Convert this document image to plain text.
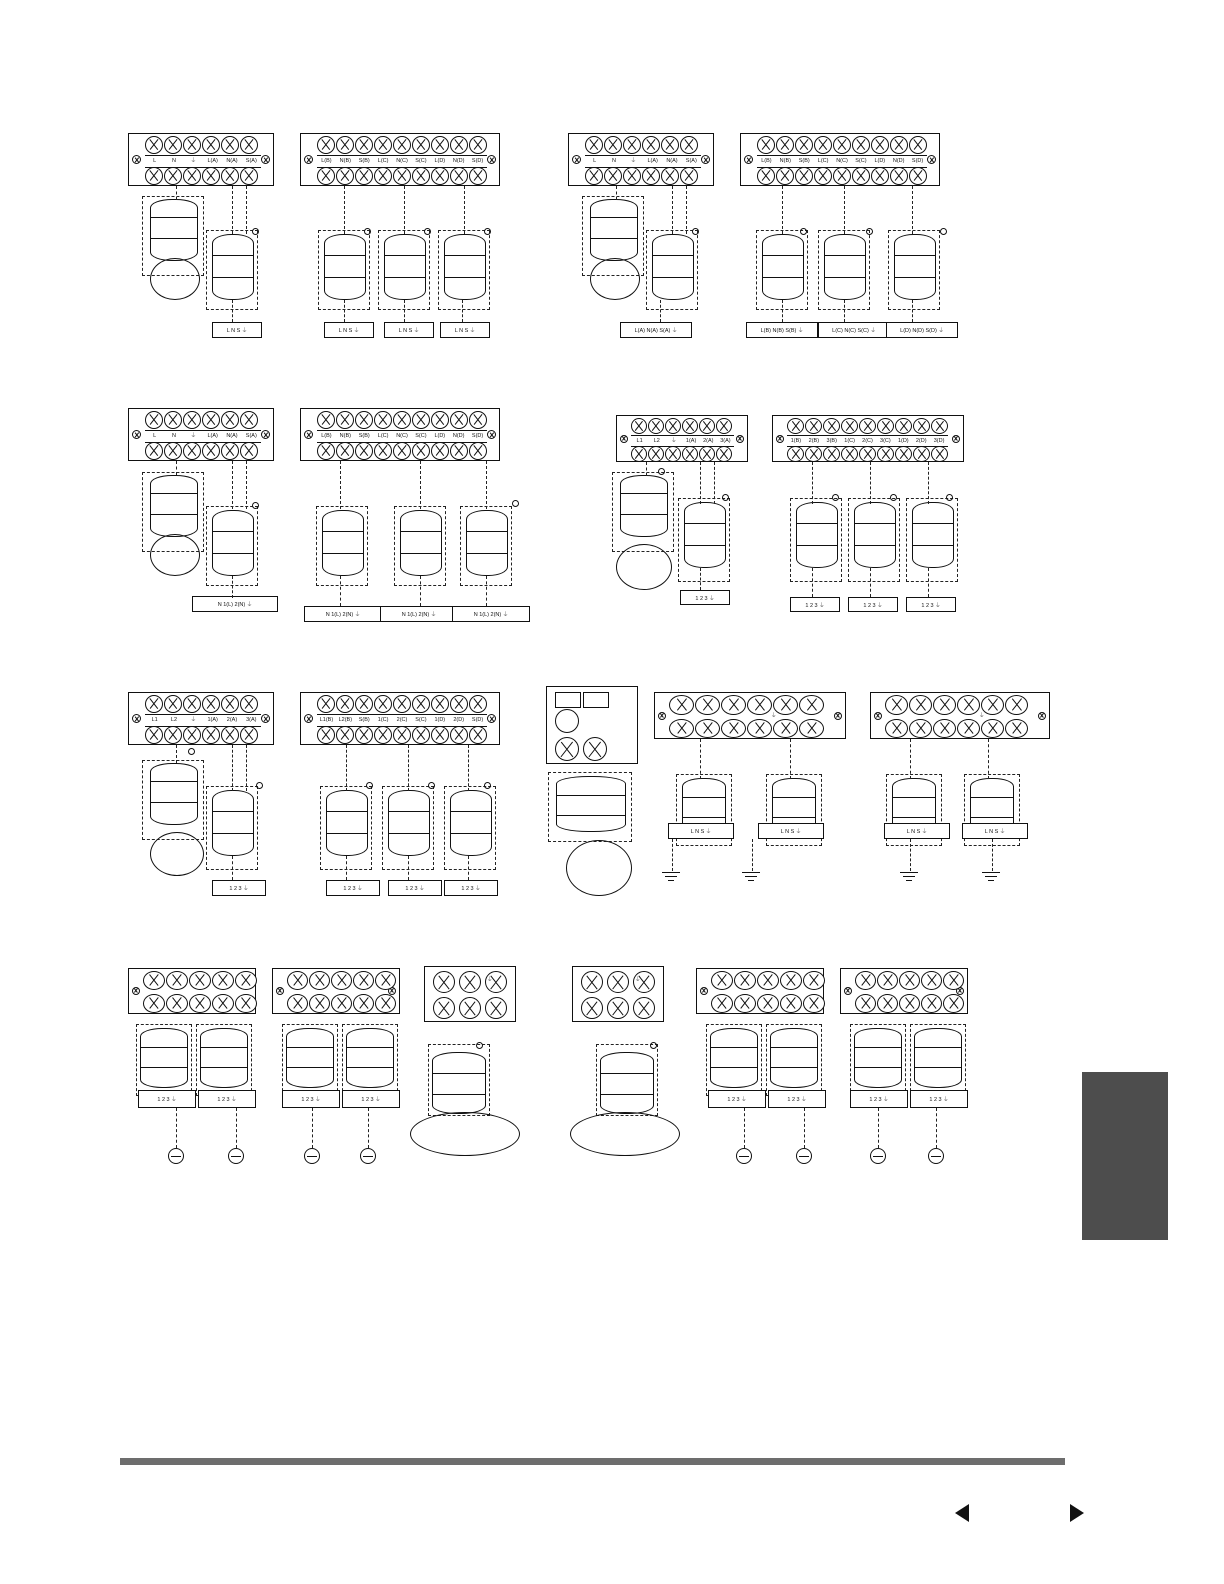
L	N	⏚	L(A)	N(A)	S(A)	L(B)	N(B)	S(B)	L(C)	N(C)	S(C)	L(D)	N(D)	S(D)
L N S ⏚	L N S ⏚	L N S ⏚	L N S ⏚
L	N	⏚	L(A)	N(A)	S(A)	L(B)	N(B)	S(B)	L(C)	N(C)	S(C)	L(D)	N(D)	S(D)
L(A) N(A) S(A) ⏚	L(B) N(B) S(B) ⏚	L(C) N(C) S(C) ⏚	L(D) N(D) S(D) ⏚
L	N	⏚	L(A)	N(A)	S(A)	L(B)	N(B)	S(B)	L(C)	N(C)	S(C)	L(D)	N(D)	S(D)
N 1(L) 2(N) ⏚
N 1(L) 2(N) ⏚	N 1(L) 2(N) ⏚	N 1(L) 2(N) ⏚
L1	L2	⏚	1(A)	2(A)	3(A)	1(B)	2(B)	3(B)	1(C)	2(C)	3(C)	1(D)	2(D)	3(D)
1 2 3 ⏚
1 2 3 ⏚	1 2 3 ⏚	1 2 3 ⏚
L1	L2	⏚	1(A)	2(A)	3(A)	L1(B) L2(B)	S(B)	1(C)	2(C)	S(C)	1(D)	2(D)	S(D)
1 2 3 ⏚	1 2 3 ⏚	1 2 3 ⏚	1 2 3 ⏚
⏚	⏚
L N S ⏚	L N S ⏚	L N S ⏚	L N S ⏚
⏚
1 2 3 ⏚	1 2 3 ⏚	1 2 3 ⏚	1 2 3 ⏚
⏚
1 2 3 ⏚	1 2 3 ⏚	1 2 3 ⏚	1 2 3 ⏚
